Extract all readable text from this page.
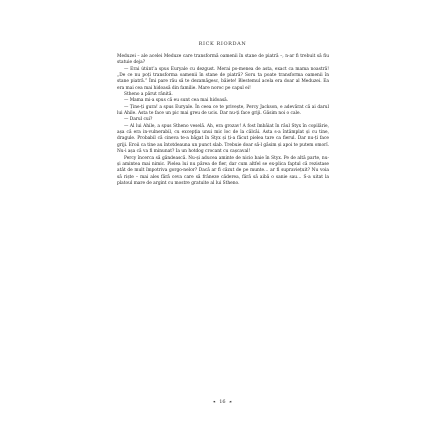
RICK RIORDAN

Meduzei – ale acelei Meduze care transformă oamenii în stane de piatră –, n-ar fi trebuit să fiu statuie deja?

— Erai útúnt’a spus Euryale cu dezgust. Merai po-menea de asta, exact ca mama noastră! „De ce nu poți transforma oamenii în stane de piatră? Soru ta poate transforma oamenii în stane piatră.” Îmi pare rău să te dezamăgesc, băiete! Blestemul acela era doar al Meduzei. Ea era mai cea mai hidoasă din familie. Mare noroc pe capul ei!

Stheno a părut rănită.

— Mama mi-a spus că eu sunt cea mai hidoasă.

— Ține-ți gura! a spus Euryale. În ceea ce te privește, Percy Jackson, e adevărat că ai darul lui Ahile. Asta te face un pic mai greu de ucis. Dar nu-ți face griji. Găsim noi o cale.

— Darul cui?

— Al lui Ahile, a spus Stheno veselă. Ah, era grozav! A fost îmbăiat în râul Styx în copilărie, așa că era in-vulnerabil, cu excepția unui mic loc de la călcâi. Asta s-a întâmplat și cu tine, dragule. Probabil că cineva te-a băgat în Styx și ți-a făcut pielea tare ca fierul. Dar nu-ți face griji. Eroii ca tine au întotdeauna un punct slab. Trebuie doar să-l găsim și apoi te putem omorî. Nu-i așa că va fi minunat? Ia un hotdog crocant cu cașcaval!

Percy încerca să gândească. Nu-și aducea aminte de nicio baie în Styx. Pe de altă parte, nu-și amintea mai nimic. Pielea lui nu părea de fier, dar cum altfel se ex-plica faptul că rezistase atât de mult împotriva gorgo-nelor? Dacă ar fi căzut de pe munte… ar fi supraviețuit? Nu voia să riște – mai ales fără ceva care să frâneze căderea, fără să aibă o sanie sau… S-a uitat la platoul mare de argint cu mostre gratuite al lui Stheno.

❧ 16 ☙
